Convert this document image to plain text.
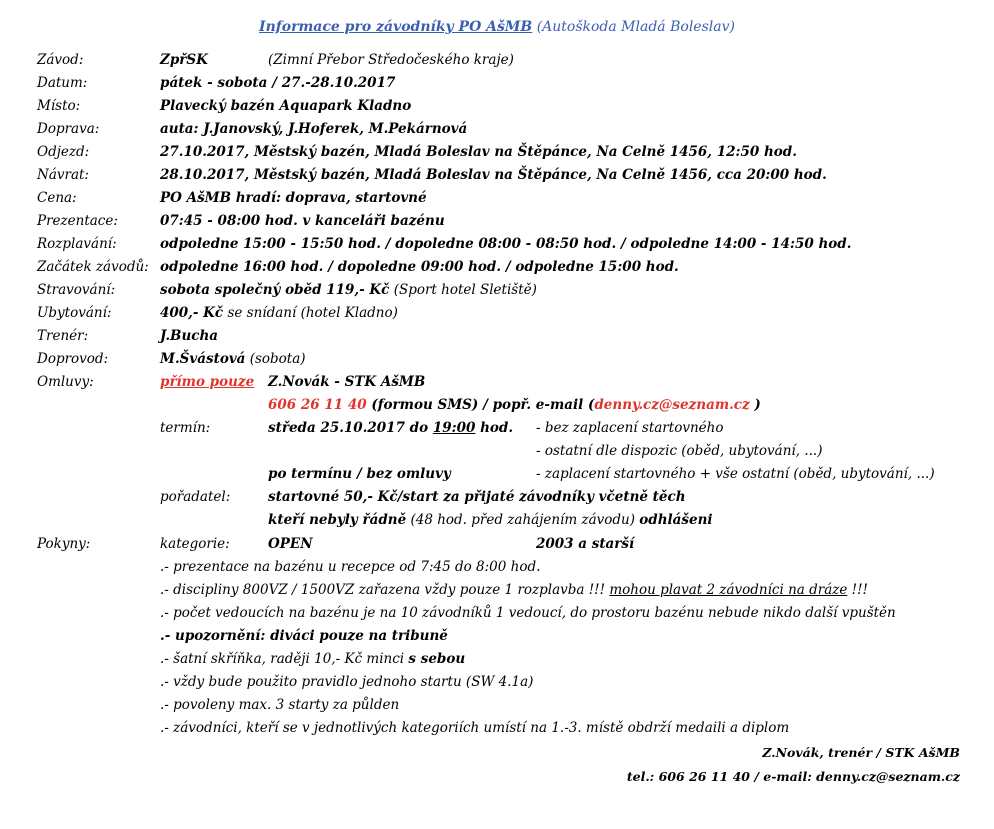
Informace pro závodníky PO AšMB (Autoškoda Mladá Boleslav)
Závod:	ZpřSK	(Zimní Přebor Středočeského kraje)
Datum:	pátek - sobota / 27.-28.10.2017
Místo:	Plavecký bazén Aquapark Kladno
Doprava:	auta: J.Janovský, J.Hoferek, M.Pekárnová
Odjezd:	27.10.2017, Městský bazén, Mladá Boleslav na Štěpánce, Na Celně 1456, 12:50 hod.
Návrat:	28.10.2017, Městský bazén, Mladá Boleslav na Štěpánce, Na Celně 1456, cca 20:00 hod.
Cena:	PO AšMB hradí: doprava, startovné
Prezentace:	07:45 - 08:00 hod. v kanceláři bazénu
Rozplavání:	odpoledne 15:00 - 15:50 hod. / dopoledne 08:00 - 08:50 hod. / odpoledne 14:00 - 14:50 hod.
Začátek závodů: odpoledne 16:00 hod. / dopoledne 09:00 hod. / odpoledne 15:00 hod.
Stravování:	sobota společný oběd 119,- Kč (Sport hotel Sletiště)
Ubytování:	400,- Kč se snídaní (hotel Kladno)
Trenér:	J.Bucha
Doprovod:	M.Švástová (sobota)
Omluvy:	přímo pouze Z.Novák - STK AšMB
606 26 11 40 (formou SMS) / popř. e-mail (denny.cz@seznam.cz )
termín:	středa 25.10.2017 do 19:00 hod. - bez zaplacení startovného
- ostatní dle dispozic (oběd, ubytování, ...)
po termínu / bez omluvy	- zaplacení startovného + vše ostatní (oběd, ubytování, ...)
pořadatel:	startovné 50,- Kč/start za přijaté závodníky včetně těch
kteří nebyly řádně (48 hod. před zahájením závodu) odhlášeni
Pokyny:	kategorie:	OPEN	2003 a starší
.- prezentace na bazénu u recepce od 7:45 do 8:00 hod.
.- discipliny 800VZ / 1500VZ zařazena vždy pouze 1 rozplavba !!! mohou plavat 2 závodníci na dráze !!!
.- počet vedoucích na bazénu je na 10 závodníků 1 vedoucí, do prostoru bazénu nebude nikdo další vpuštěn
.- upozornění: diváci pouze na tribuně
.- šatní skříňka, raději 10,- Kč minci s sebou
.- vždy bude použito pravidlo jednoho startu (SW 4.1a)
.- povoleny max. 3 starty za půlden
.- závodníci, kteří se v jednotlivých kategoriích umístí na 1.-3. místě obdrží medaili a diplom
Z.Novák, trenér / STK AšMB
tel.: 606 26 11 40 / e-mail: denny.cz@seznam.cz
